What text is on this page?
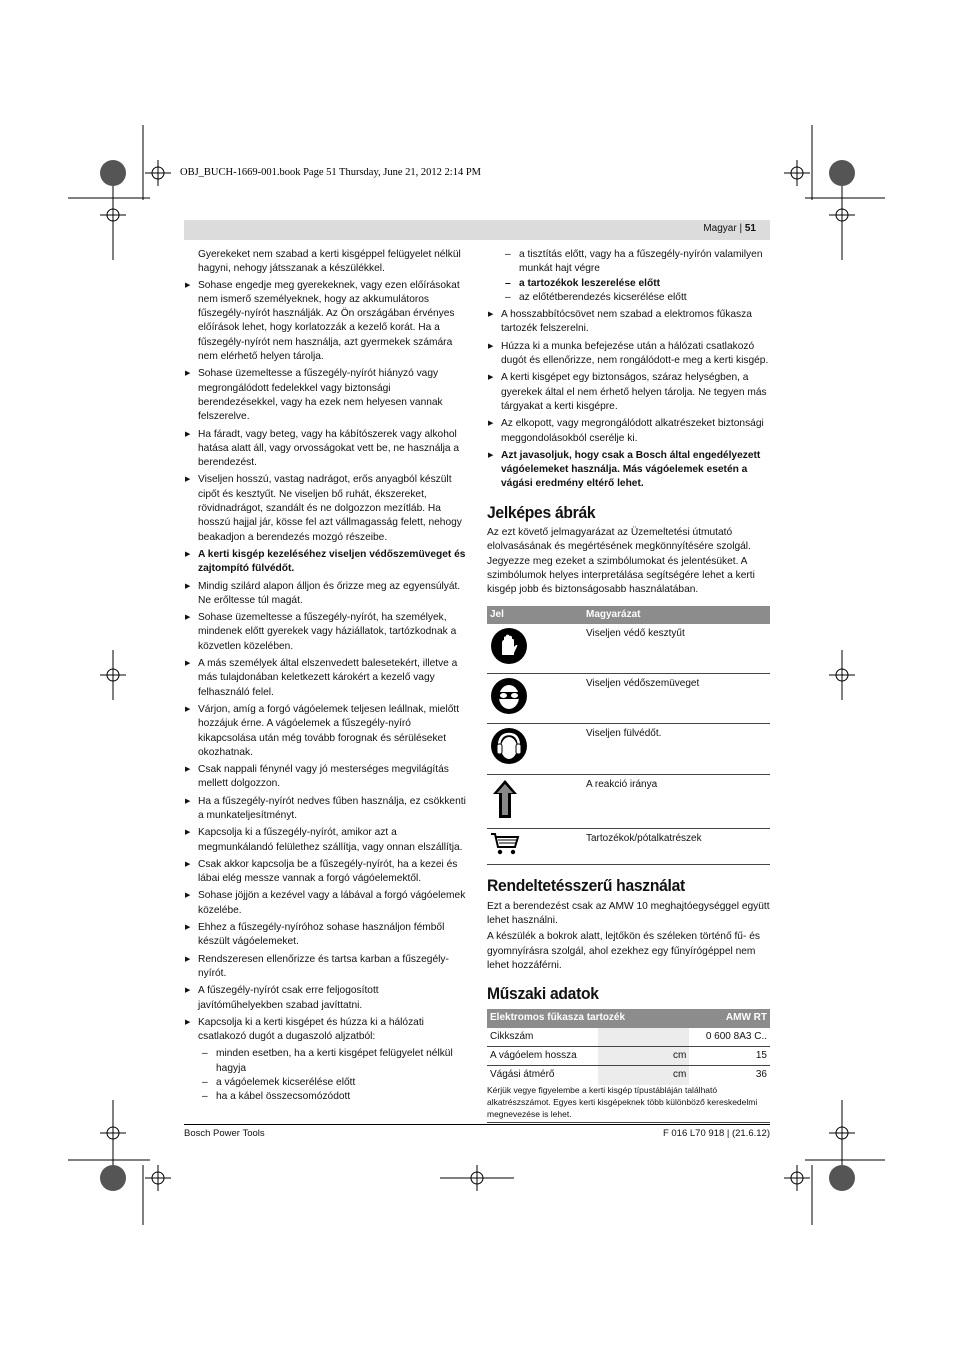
OBJ_BUCH-1669-001.book Page 51 Thursday, June 21, 2012 2:14 PM
Magyar | 51

Gyerekeket nem szabad a kerti kisgéppel felügyelet nélkül hagyni, nehogy játsszanak a készülékkel.

▶ Sohase engedje meg gyerekeknek, vagy ezen előírásokat nem ismerő személyeknek, hogy az akkumulátoros fűszegély-nyírót használják. Az Ön országában érvényes előírások lehet, hogy korlatozzák a kezelő korát. Ha a fűszegély-nyírót nem használja, azt gyermekek számára nem elérhető helyen tárolja.

▶ Sohase üzemeltesse a fűszegély-nyírót hiányzó vagy megrongálódott fedelekkel vagy biztonsági berendezésekkel, vagy ha ezek nem helyesen vannak felszerelve.

▶ Ha fáradt, vagy beteg, vagy ha kábítószerek vagy alkohol hatása alatt áll, vagy orvosságokat vett be, ne használja a berendezést.

▶ Viseljen hosszú, vastag nadrágot, erős anyagból készült cipőt és kesztyűt. Ne viseljen bő ruhát, ékszereket, rövidnadrágot, szandált és ne dolgozzon mezítláb. Ha hosszú hajjal jár, kösse fel azt vállmagasság felett, nehogy beakadjon a berendezés mozgó részeibe.

▶ A kerti kisgép kezeléséhez viseljen védőszemüveget és zajtompító fülvédőt.

▶ Mindig szilárd alapon álljon és őrizze meg az egyensúlyát. Ne erőltesse túl magát.

▶ Sohase üzemeltesse a fűszegély-nyírót, ha személyek, mindenek előtt gyerekek vagy háziállatok, tartózkodnak a közvetlen közelében.

▶ A más személyek által elszenvedett balesetekért, illetve a más tulajdonában keletkezett károkért a kezelő vagy felhasználó felel.

▶ Várjon, amíg a forgó vágóelemek teljesen leállnak, mielőtt hozzájuk érne. A vágóelemek a fűszegély-nyíró kikapcsolása után még tovább forognak és sérüléseket okozhatnak.

▶ Csak nappali fénynél vagy jó mesterséges megvilágítás mellett dolgozzon.

▶ Ha a fűszegély-nyírót nedves fűben használja, ez csökkenti a munkateljesítményt.

▶ Kapcsolja ki a fűszegély-nyírót, amikor azt a megmunkálandó felülethez szállítja, vagy onnan elszállítja.

▶ Csak akkor kapcsolja be a fűszegély-nyírót, ha a kezei és lábai elég messze vannak a forgó vágóelemektől.

▶ Sohase jöjjön a kezével vagy a lábával a forgó vágóelemek közelébe.

▶ Ehhez a fűszegély-nyíróhoz sohase használjon fémből készült vágóelemeket.

▶ Rendszeresen ellenőrizze és tartsa karban a fűszegély-nyírót.

▶ A fűszegély-nyírót csak erre feljogosított javítóműhelyekben szabad javíttatni.

▶ Kapcsolja ki a kerti kisgépet és húzza ki a hálózati csatlakozó dugót a dugaszoló aljzatból:

– minden esetben, ha a kerti kisgépet felügyelet nélkül hagyja
– a vágóelemek kicserélése előtt
– ha a kábel összecsomózódott
– a tisztítás előtt, vagy ha a fűszegély-nyírón valamilyen munkát hajt végre
– a tartozékok leszerelése előtt
– az előtétberendezés kicserélése előtt

▶ A hosszabbítócsövet nem szabad a elektromos fűkasza tartozék felszerelni.

▶ Húzza ki a munka befejezése után a hálózati csatlakozó dugót és ellenőrizze, nem rongálódott-e meg a kerti kisgép.

▶ A kerti kisgépet egy biztonságos, száraz helységben, a gyerekek által el nem érhető helyen tárolja. Ne tegyen más tárgyakat a kerti kisgépre.

▶ Az elkopott, vagy megrongálódott alkatrészeket biztonsági meggondolásokból cserélje ki.

▶ Azt javasoljuk, hogy csak a Bosch által engedélyezett vágóelemeket használja. Más vágóelemek esetén a vágási eredmény eltérő lehet.

Jelképes ábrák

Az ezt követő jelmagyarázat az Üzemeltetési útmutató elolvasásának és megértésének megkönnyítésére szolgál. Jegyezze meg ezeket a szimbólumokat és jelentésüket. A szimbólumok helyes interpretálása segítségére lehet a kerti kisgép jobb és biztonságosabb használatában.

Jel	Magyarázat
	Viseljen védő kesztyűt
	Viseljen védőszemüveget
	Viseljen fülvédőt.
	A reakció iránya
	Tartozékok/pótalkatrészek
Rendeltetésszerű használat

Ezt a berendezést csak az AMW 10 meghajtóegységgel együtt lehet használni.

A készülék a bokrok alatt, lejtőkön és széleken történő fű- és gyomnyírásra szolgál, ahol ezekhez egy fűnyírógéppel nem lehet hozzáférni.

Műszaki adatok
Elektromos fűkasza tartozék		AMW RT
Cikkszám		0 600 8A3 C..
A vágóelem hossza	cm	15
Vágási átmérő	cm	36
Kérjük vegye figyelembe a kerti kisgép típustábláján található alkatrészszámot. Egyes kerti kisgépeknek több különböző kereskedelmi megnevezése is lehet.
Bosch Power Tools	F 016 L70 918 | (21.6.12)
